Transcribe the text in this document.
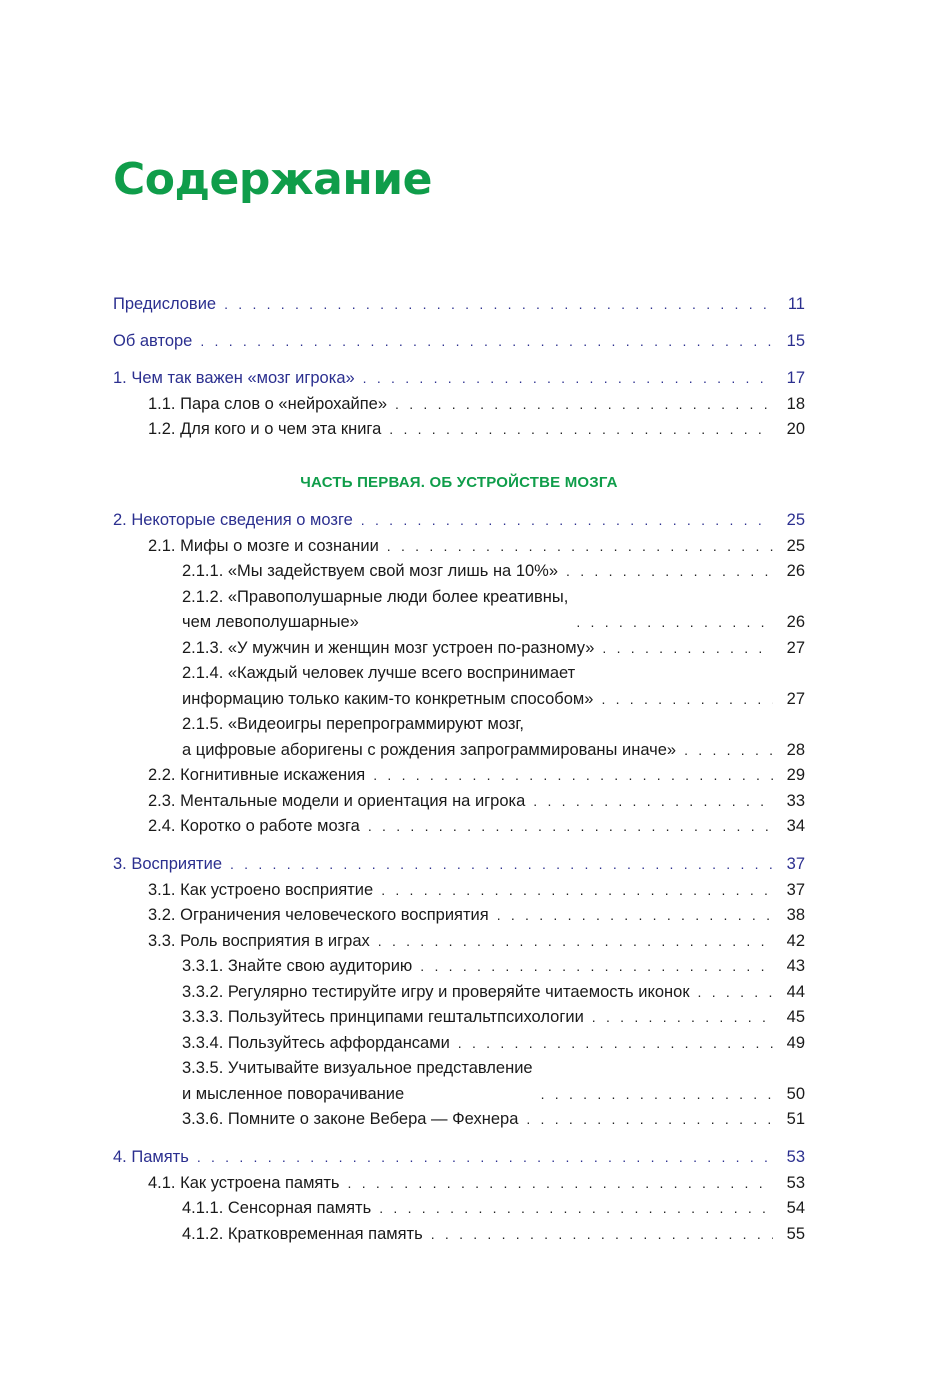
Содержание
Предисловие . . .	11
Об авторе . . .	15
1. Чем так важен «мозг игрока» . . .	17
1.1. Пара слов о «нейрохайпе» . . .	18
1.2. Для кого и о чем эта книга . . .	20
ЧАСТЬ ПЕРВАЯ. ОБ УСТРОЙСТВЕ МОЗГА
2. Некоторые сведения о мозге . . .	25
2.1. Мифы о мозге и сознании . . .	25
2.1.1. «Мы задействуем свой мозг лишь на 10%» . . .	26
2.1.2. «Правополушарные люди более креативны,
чем левополушарные» . . .	26
2.1.3. «У мужчин и женщин мозг устроен по-разному» . . .	27
2.1.4. «Каждый человек лучше всего воспринимает
информацию только каким-то конкретным способом» . . .	27
2.1.5. «Видеоигры перепрограммируют мозг,
а цифровые аборигены с рождения запрограммированы иначе» . . .	28
2.2. Когнитивные искажения . . .	29
2.3. Ментальные модели и ориентация на игрока . . .	33
2.4. Коротко о работе мозга . . .	34
3. Восприятие . . .	37
3.1. Как устроено восприятие . . .	37
3.2. Ограничения человеческого восприятия . . .	38
3.3. Роль восприятия в играх . . .	42
3.3.1. Знайте свою аудиторию . . .	43
3.3.2. Регулярно тестируйте игру и проверяйте читаемость иконок . . .	44
3.3.3. Пользуйтесь принципами гештальтпсихологии . . .	45
3.3.4. Пользуйтесь аффордансами . . .	49
3.3.5. Учитывайте визуальное представление
и мысленное поворачивание . . .	50
3.3.6. Помните о законе Вебера — Фехнера . . .	51
4. Память . . .	53
4.1. Как устроена память . . .	53
4.1.1. Сенсорная память . . .	54
4.1.2. Кратковременная память . . .	55
